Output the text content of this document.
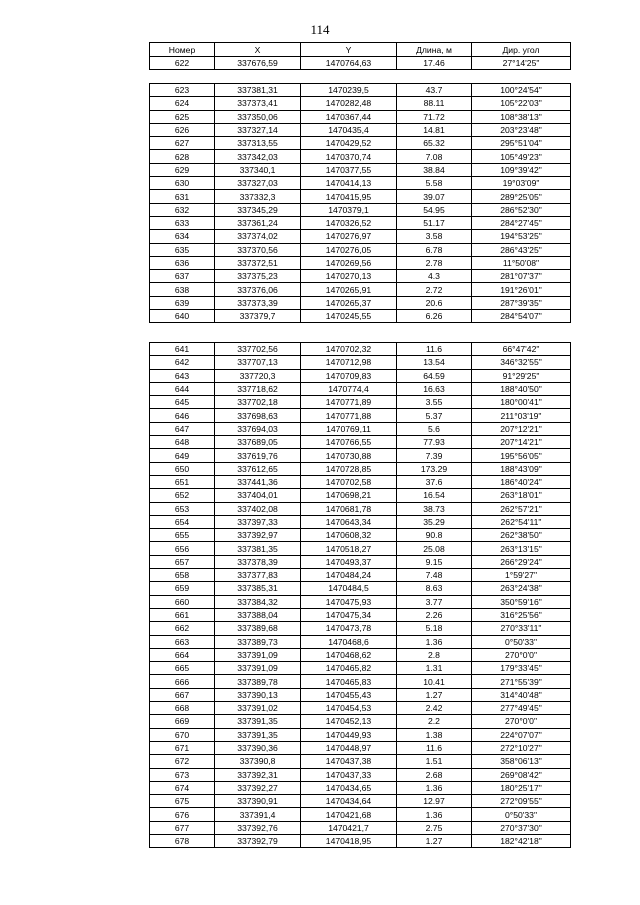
114
Номер	X	Y	Длина, м	Дир. угол
622	337676,59	1470764,63	17.46	27°14'25"
623	337381,31	1470239,5	43.7	100°24'54"
624	337373,41	1470282,48	88.11	105°22'03"
625	337350,06	1470367,44	71.72	108°38'13"
626	337327,14	1470435,4	14.81	203°23'48"
627	337313,55	1470429,52	65.32	295°51'04"
628	337342,03	1470370,74	7.08	105°49'23"
629	337340,1	1470377,55	38.84	109°39'42"
630	337327,03	1470414,13	5.58	19°03'09"
631	337332,3	1470415,95	39.07	289°25'05"
632	337345,29	1470379,1	54.95	286°52'30"
633	337361,24	1470326,52	51.17	284°27'45"
634	337374,02	1470276,97	3.58	194°53'25"
635	337370,56	1470276,05	6.78	286°43'25"
636	337372,51	1470269,56	2.78	11°50'08"
637	337375,23	1470270,13	4.3	281°07'37"
638	337376,06	1470265,91	2.72	191°26'01"
639	337373,39	1470265,37	20.6	287°39'35"
640	337379,7	1470245,55	6.26	284°54'07"
641	337702,56	1470702,32	11.6	66°47'42"
642	337707,13	1470712,98	13.54	346°32'55"
643	337720,3	1470709,83	64.59	91°29'25"
644	337718,62	1470774,4	16.63	188°40'50"
645	337702,18	1470771,89	3.55	180°00'41"
646	337698,63	1470771,88	5.37	211°03'19"
647	337694,03	1470769,11	5.6	207°12'21"
648	337689,05	1470766,55	77.93	207°14'21"
649	337619,76	1470730,88	7.39	195°56'05"
650	337612,65	1470728,85	173.29	188°43'09"
651	337441,36	1470702,58	37.6	186°40'24"
652	337404,01	1470698,21	16.54	263°18'01"
653	337402,08	1470681,78	38.73	262°57'21"
654	337397,33	1470643,34	35.29	262°54'11"
655	337392,97	1470608,32	90.8	262°38'50"
656	337381,35	1470518,27	25.08	263°13'15"
657	337378,39	1470493,37	9.15	266°29'24"
658	337377,83	1470484,24	7.48	1°59'27"
659	337385,31	1470484,5	8.63	263°24'38"
660	337384,32	1470475,93	3.77	350°59'16"
661	337388,04	1470475,34	2.26	316°25'56"
662	337389,68	1470473,78	5.18	270°33'11"
663	337389,73	1470468,6	1.36	0°50'33"
664	337391,09	1470468,62	2.8	270°0'0"
665	337391,09	1470465,82	1.31	179°33'45"
666	337389,78	1470465,83	10.41	271°55'39"
667	337390,13	1470455,43	1.27	314°40'48"
668	337391,02	1470454,53	2.42	277°49'45"
669	337391,35	1470452,13	2.2	270°0'0"
670	337391,35	1470449,93	1.38	224°07'07"
671	337390,36	1470448,97	11.6	272°10'27"
672	337390,8	1470437,38	1.51	358°06'13"
673	337392,31	1470437,33	2.68	269°08'42"
674	337392,27	1470434,65	1.36	180°25'17"
675	337390,91	1470434,64	12.97	272°09'55"
676	337391,4	1470421,68	1.36	0°50'33"
677	337392,76	1470421,7	2.75	270°37'30"
678	337392,79	1470418,95	1.27	182°42'18"
